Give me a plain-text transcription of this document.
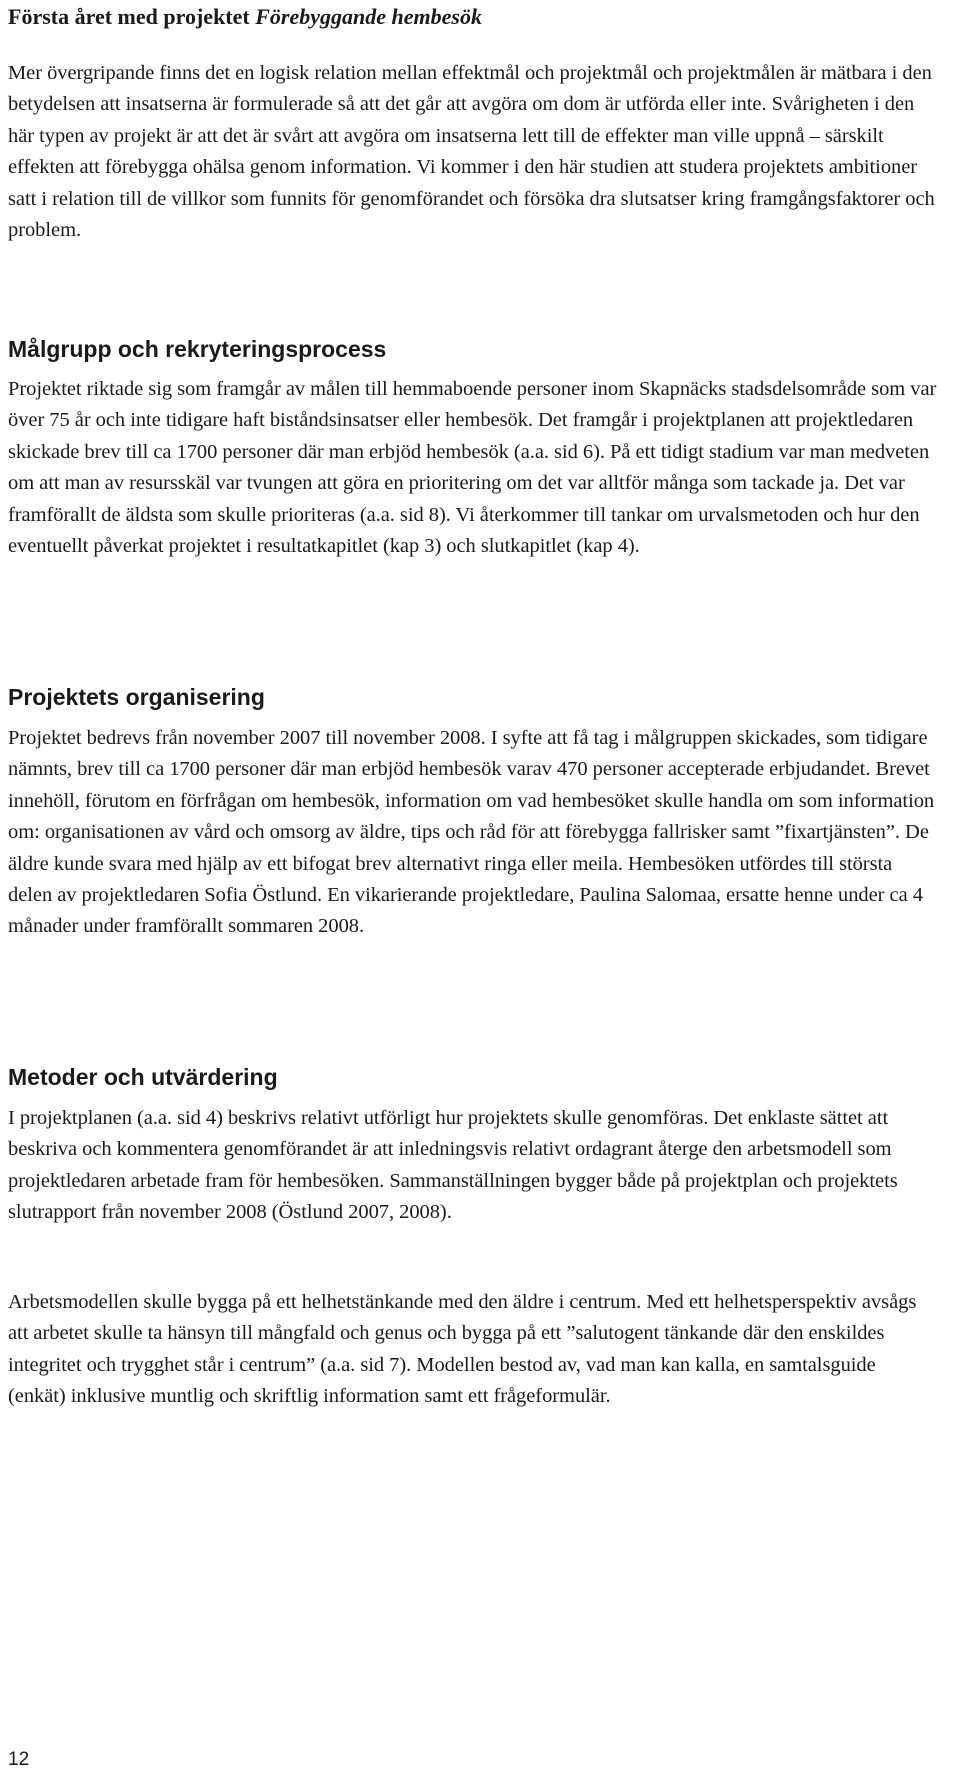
Första året med projektet Förebyggande hembesök

Mer övergripande finns det en logisk relation mellan effektmål och projektmål och projektmålen är mätbara i den betydelsen att insatserna är formulerade så att det går att avgöra om dom är utförda eller inte. Svårigheten i den här typen av projekt är att det är svårt att avgöra om insatserna lett till de effekter man ville uppnå – särskilt effekten att förebygga ohälsa genom information. Vi kommer i den här studien att studera projektets ambitioner satt i relation till de villkor som funnits för genomförandet och försöka dra slutsatser kring framgångsfaktorer och problem.

Målgrupp och rekryteringsprocess

Projektet riktade sig som framgår av målen till hemmaboende personer inom Skapnäcks stadsdelsområde som var över 75 år och inte tidigare haft biståndsinsatser eller hembesök. Det framgår i projektplanen att projektledaren skickade brev till ca 1700 personer där man erbjöd hembesök (a.a. sid 6). På ett tidigt stadium var man medveten om att man av resursskäl var tvungen att göra en prioritering om det var alltför många som tackade ja. Det var framförallt de äldsta som skulle prioriteras (a.a. sid 8). Vi återkommer till tankar om urvalsmetoden och hur den eventuellt påverkat projektet i resultatkapitlet (kap 3) och slutkapitlet (kap 4).

Projektets organisering

Projektet bedrevs från november 2007 till november 2008. I syfte att få tag i målgruppen skickades, som tidigare nämnts, brev till ca 1700 personer där man erbjöd hembesök varav 470 personer accepterade erbjudandet. Brevet innehöll, förutom en förfrågan om hembesök, information om vad hembesöket skulle handla om som information om: organisationen av vård och omsorg av äldre, tips och råd för att förebygga fallrisker samt ”fixartjänsten”. De äldre kunde svara med hjälp av ett bifogat brev alternativt ringa eller meila. Hembesöken utfördes till största delen av projektledaren Sofia Östlund. En vikarierande projektledare, Paulina Salomaa, ersatte henne under ca 4 månader under framförallt sommaren 2008.

Metoder och utvärdering

I projektplanen (a.a. sid 4) beskrivs relativt utförligt hur projektets skulle genomföras. Det enklaste sättet att beskriva och kommentera genomförandet är att inledningsvis relativt ordagrant återge den arbetsmodell som projektledaren arbetade fram för hembesöken. Sammanställningen bygger både på projektplan och projektets slutrapport från november 2008 (Östlund 2007, 2008).

Arbetsmodellen skulle bygga på ett helhetstänkande med den äldre i centrum. Med ett helhetsperspektiv avsågs att arbetet skulle ta hänsyn till mångfald och genus och bygga på ett ”salutogent tänkande där den enskildes integritet och trygghet står i centrum” (a.a. sid 7). Modellen bestod av, vad man kan kalla, en samtalsguide (enkät) inklusive muntlig och skriftlig information samt ett frågeformulär.

12
